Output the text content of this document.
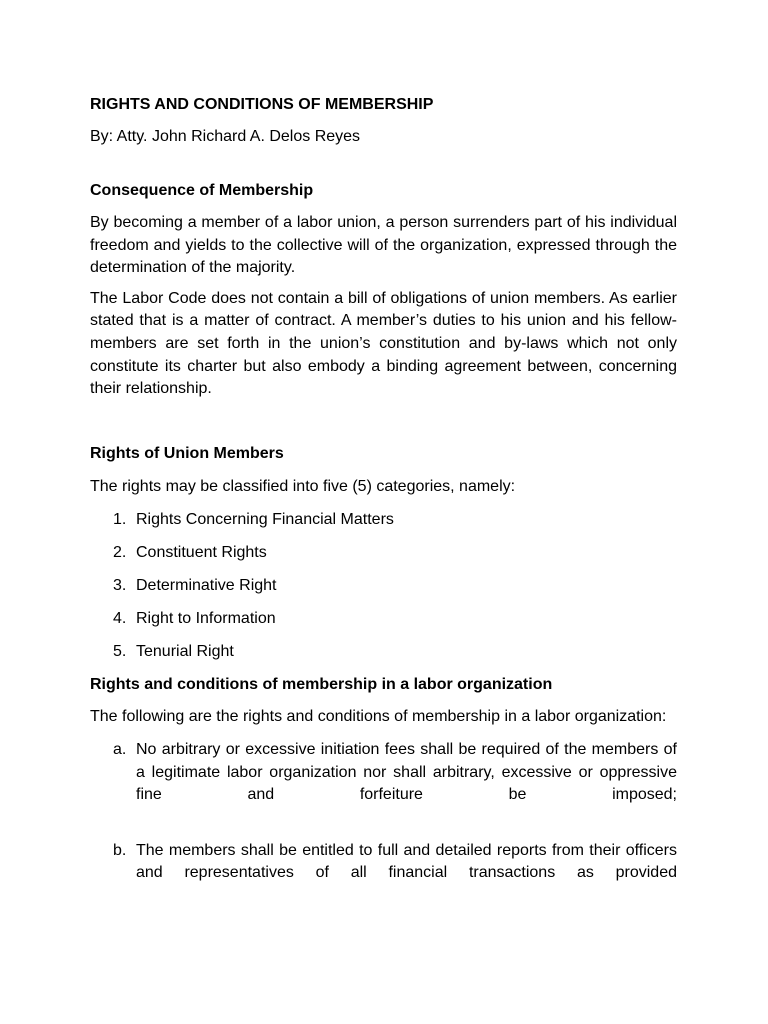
RIGHTS AND CONDITIONS OF MEMBERSHIP

By: Atty. John Richard A. Delos Reyes

Consequence of Membership

By becoming a member of a labor union, a person surrenders part of his individual freedom and yields to the collective will of the organization, expressed through the determination of the majority.

The Labor Code does not contain a bill of obligations of union members. As earlier stated that is a matter of contract. A member’s duties to his union and his fellow-members are set forth in the union’s constitution and by-laws which not only constitute its charter but also embody a binding agreement between, concerning their relationship.

Rights of Union Members

The rights may be classified into five (5) categories, namely:

1. Rights Concerning Financial Matters
2. Constituent Rights
3. Determinative Right
4. Right to Information
5. Tenurial Right

Rights and conditions of membership in a labor organization

The following are the rights and conditions of membership in a labor organization:

a. No arbitrary or excessive initiation fees shall be required of the members of a legitimate labor organization nor shall arbitrary, excessive or oppressive fine and forfeiture be imposed;
b. The members shall be entitled to full and detailed reports from their officers and representatives of all financial transactions as provided
